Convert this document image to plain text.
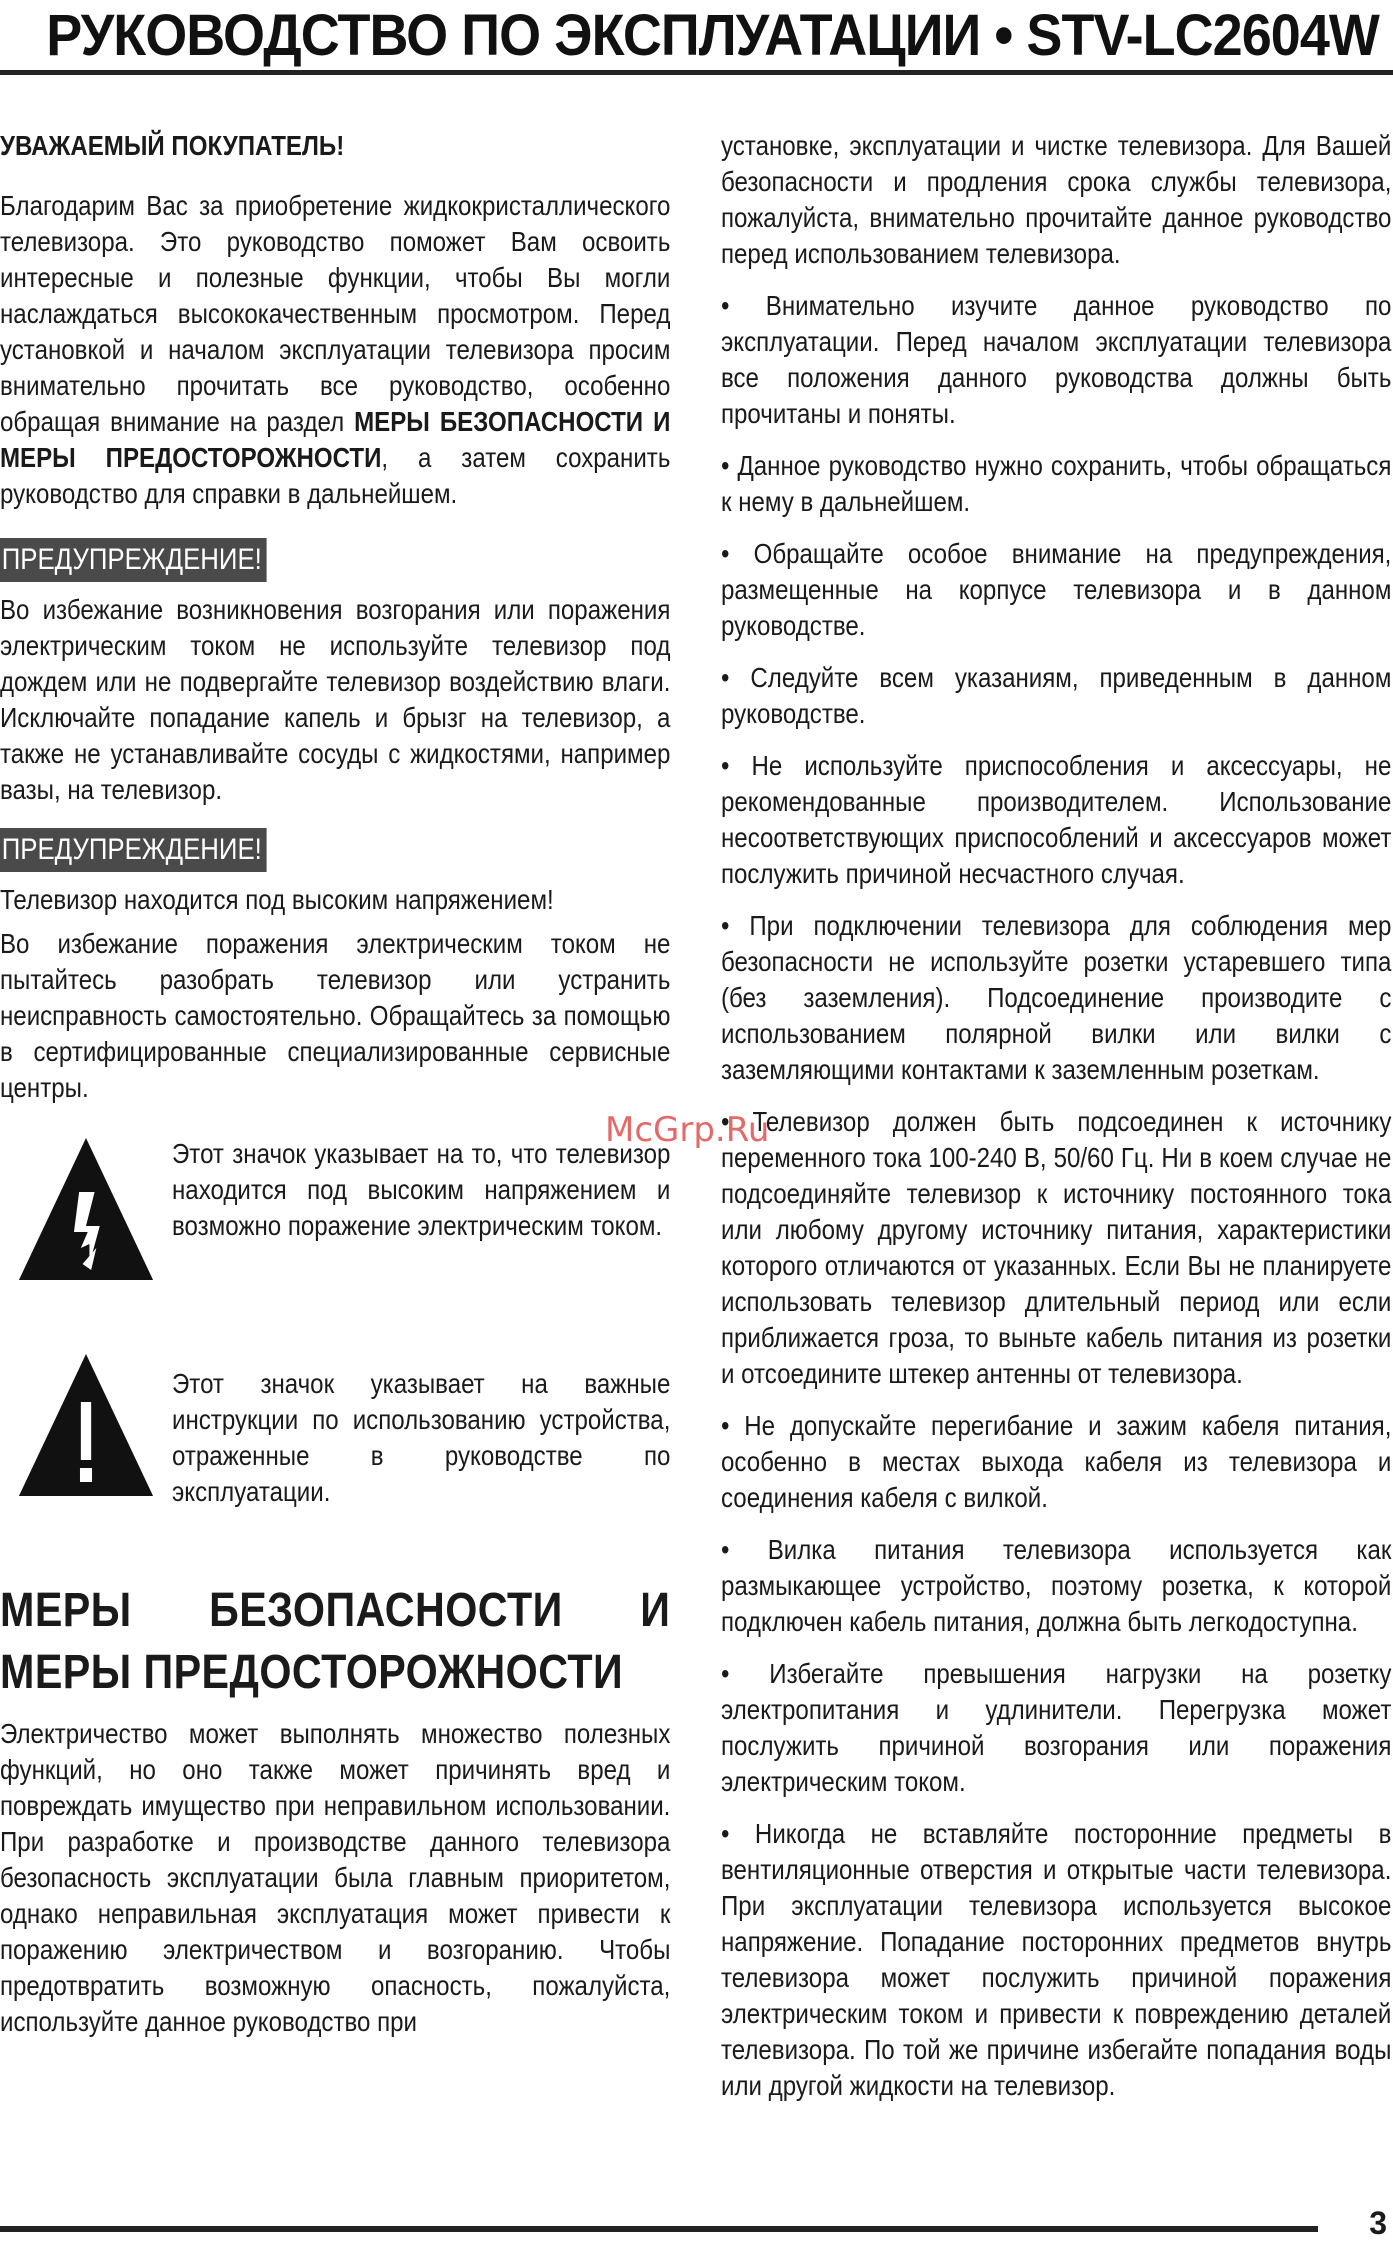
РУКОВОДСТВО ПО ЭКСПЛУАТАЦИИ • STV-LC2604W

УВАЖАЕМЫЙ ПОКУПАТЕЛЬ!

Благодарим Вас за приобретение жидкокристаллического телевизора. Это руководство поможет Вам освоить интересные и полезные функции, чтобы Вы могли наслаждаться высококачественным просмотром. Перед установкой и началом эксплуатации телевизора просим внимательно прочитать все руководство, особенно обращая внимание на раздел МЕРЫ БЕЗОПАСНОСТИ И МЕРЫ ПРЕДОСТОРОЖНОСТИ, а затем сохранить руководство для справки в дальнейшем.

ПРЕДУПРЕЖДЕНИЕ!

Во избежание возникновения возгорания или поражения электрическим током не используйте телевизор под дождем или не подвергайте телевизор воздействию влаги. Исключайте попадание капель и брызг на телевизор, а также не устанавливайте сосуды с жидкостями, например вазы, на телевизор.

ПРЕДУПРЕЖДЕНИЕ!

Телевизор находится под высоким напряжением!

Во избежание поражения электрическим током не пытайтесь разобрать телевизор или устранить неисправность самостоятельно. Обращайтесь за помощью в сертифицированные специализированные сервисные центры.

Этот значок указывает на то, что телевизор находится под высоким напряжением и возможно поражение электрическим током.
Этот значок указывает на важные инструкции по использованию устройства, отраженные в руководстве по эксплуатации.
МЕРЫ БЕЗОПАСНОСТИ И МЕРЫ ПРЕДОСТОРОЖНОСТИ

Электричество может выполнять множество полезных функций, но оно также может причинять вред и повреждать имуществo при неправильном использовании. При разработке и производстве данного телевизора безопасность эксплуатации была главным приоритетом, однако неправильная эксплуатация может привести к поражению электричеством и возгоранию. Чтобы предотвратить возможную опасность, пожалуйста, используйте данное руководство при

установке, эксплуатации и чистке телевизора. Для Вашей безопасности и продления срока службы телевизора, пожалуйста, внимательно прочитайте данное руководство перед использованием телевизора.

• Внимательно изучите данное руководство по эксплуатации. Перед началом эксплуатации телевизора все положения данного руководства должны быть прочитаны и поняты.

• Данное руководство нужно сохранить, чтобы обращаться к нему в дальнейшем.

• Обращайте особое внимание на предупреждения, размещенные на корпусе телевизора и в данном руководстве.

• Следуйте всем указаниям, приведенным в данном руководстве.

• Не используйте приспособления и аксессуары, не рекомендованные производителем. Использование несоответствующих приспособлений и аксессуаров может послужить причиной несчастного случая.

• При подключении телевизора для соблюдения мер безопасности не используйте розетки устаревшего типа (без заземления). Подсоединение производите с использованием полярной вилки или вилки с заземляющими контактами к заземленным розеткам.

• Телевизор должен быть подсоединен к источнику переменного тока 100-240 В, 50/60 Гц. Ни в коем случае не подсоединяйте телевизор к источнику постоянного тока или любому другому источнику питания, характеристики которого отличаются от указанных. Если Вы не планируете использовать телевизор длительный период или если приближается гроза, то выньте кабель питания из розетки и отсоедините штекер антенны от телевизора.

• Не допускайте перегибание и зажим кабеля питания, особенно в местах выхода кабеля из телевизора и соединения кабеля с вилкой.

• Вилка питания телевизора используется как размыкающее устройство, поэтому розетка, к которой подключен кабель питания, должна быть легкодоступна.

• Избегайте превышения нагрузки на розетку электропитания и удлинители. Перегрузка может послужить причиной возгорания или поражения электрическим током.

• Никогда не вставляйте посторонние предметы в вентиляционные отверстия и открытые части телевизора. При эксплуатации телевизора используется высокое напряжение. Попадание посторонних предметов внутрь телевизора может послужить причиной поражения электрическим током и привести к повреждению деталей телевизора. По той же причине избегайте попадания воды или другой жидкости на телевизор.

McGrp.Ru
3
